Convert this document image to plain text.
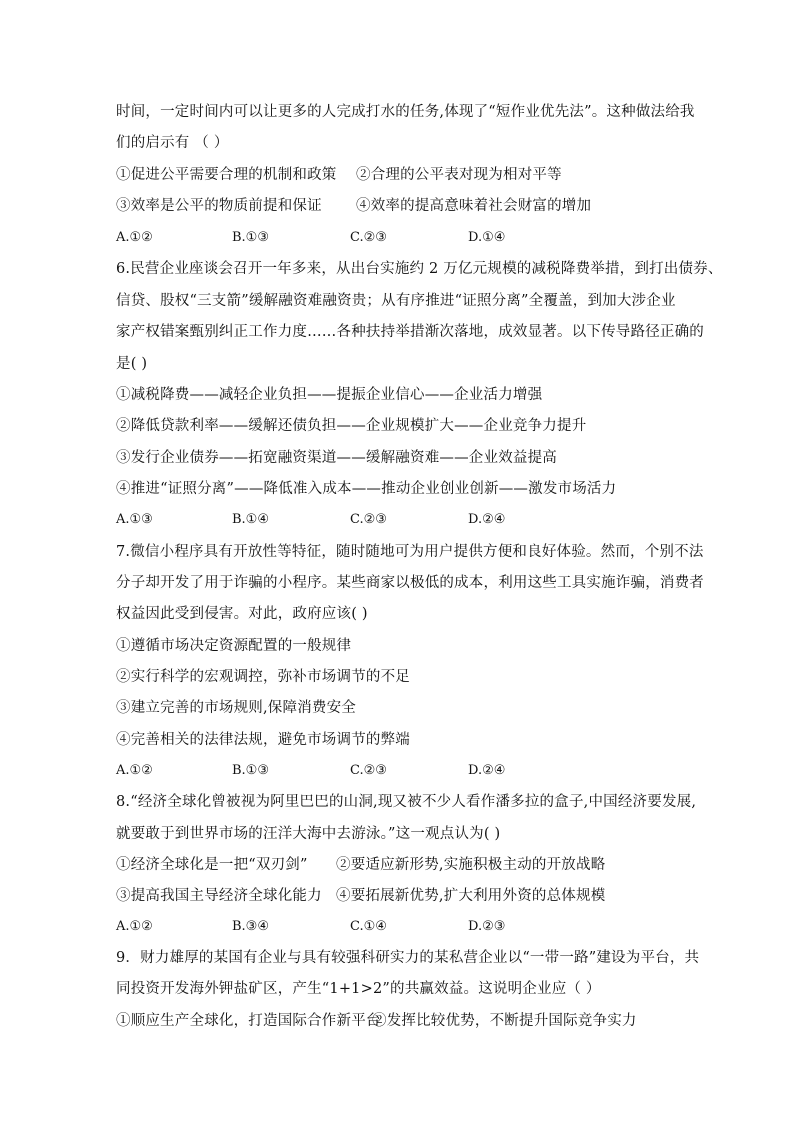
时间，一定时间内可以让更多的人完成打水的任务,体现了“短作业优先法”。这种做法给我
们的启示有 （ ）
①促进公平需要合理的机制和政策	②合理的公平表对现为相对平等
③效率是公平的物质前提和保证	④效率的提高意味着社会财富的增加
A.①②	B.①③	C.②③	D.①④
6.民营企业座谈会召开一年多来，从出台实施约 2 万亿元规模的减税降费举措，到打出债券、
信贷、股权“三支箭”缓解融资难融资贵；从有序推进“证照分离”全覆盖，到加大涉企业
家产权错案甄别纠正工作力度……各种扶持举措渐次落地，成效显著。以下传导路径正确的
是( )
①减税降费——减轻企业负担——提振企业信心——企业活力增强
②降低贷款利率——缓解还债负担——企业规模扩大——企业竞争力提升
③发行企业债券——拓宽融资渠道——缓解融资难——企业效益提高
④推进“证照分离”——降低准入成本——推动企业创业创新——激发市场活力
A.①③	B.①④	C.②③	D.②④
7.微信小程序具有开放性等特征，随时随地可为用户提供方便和良好体验。然而，个别不法
分子却开发了用于诈骗的小程序。某些商家以极低的成本，利用这些工具实施诈骗，消费者
权益因此受到侵害。对此，政府应该( )
①遵循市场决定资源配置的一般规律
②实行科学的宏观调控，弥补市场调节的不足
③建立完善的市场规则,保障消费安全
④完善相关的法律法规，避免市场调节的弊端
A.①②	B.①③	C.②③	D.②④
8.“经济全球化曾被视为阿里巴巴的山洞,现又被不少人看作潘多拉的盒子,中国经济要发展,
就要敢于到世界市场的汪洋大海中去游泳。”这一观点认为( )
①经济全球化是一把“双刃剑”	②要适应新形势,实施积极主动的开放战略
③提高我国主导经济全球化能力 ④要拓展新优势,扩大利用外资的总体规模
A.①②	B.③④	C.①④	D.②③
9．财力雄厚的某国有企业与具有较强科研实力的某私营企业以“一带一路”建设为平台，共
同投资开发海外钾盐矿区，产生“1+1>2”的共赢效益。这说明企业应（ ）
①顺应生产全球化，打造国际合作新平台
②发挥比较优势，不断提升国际竞争实力
